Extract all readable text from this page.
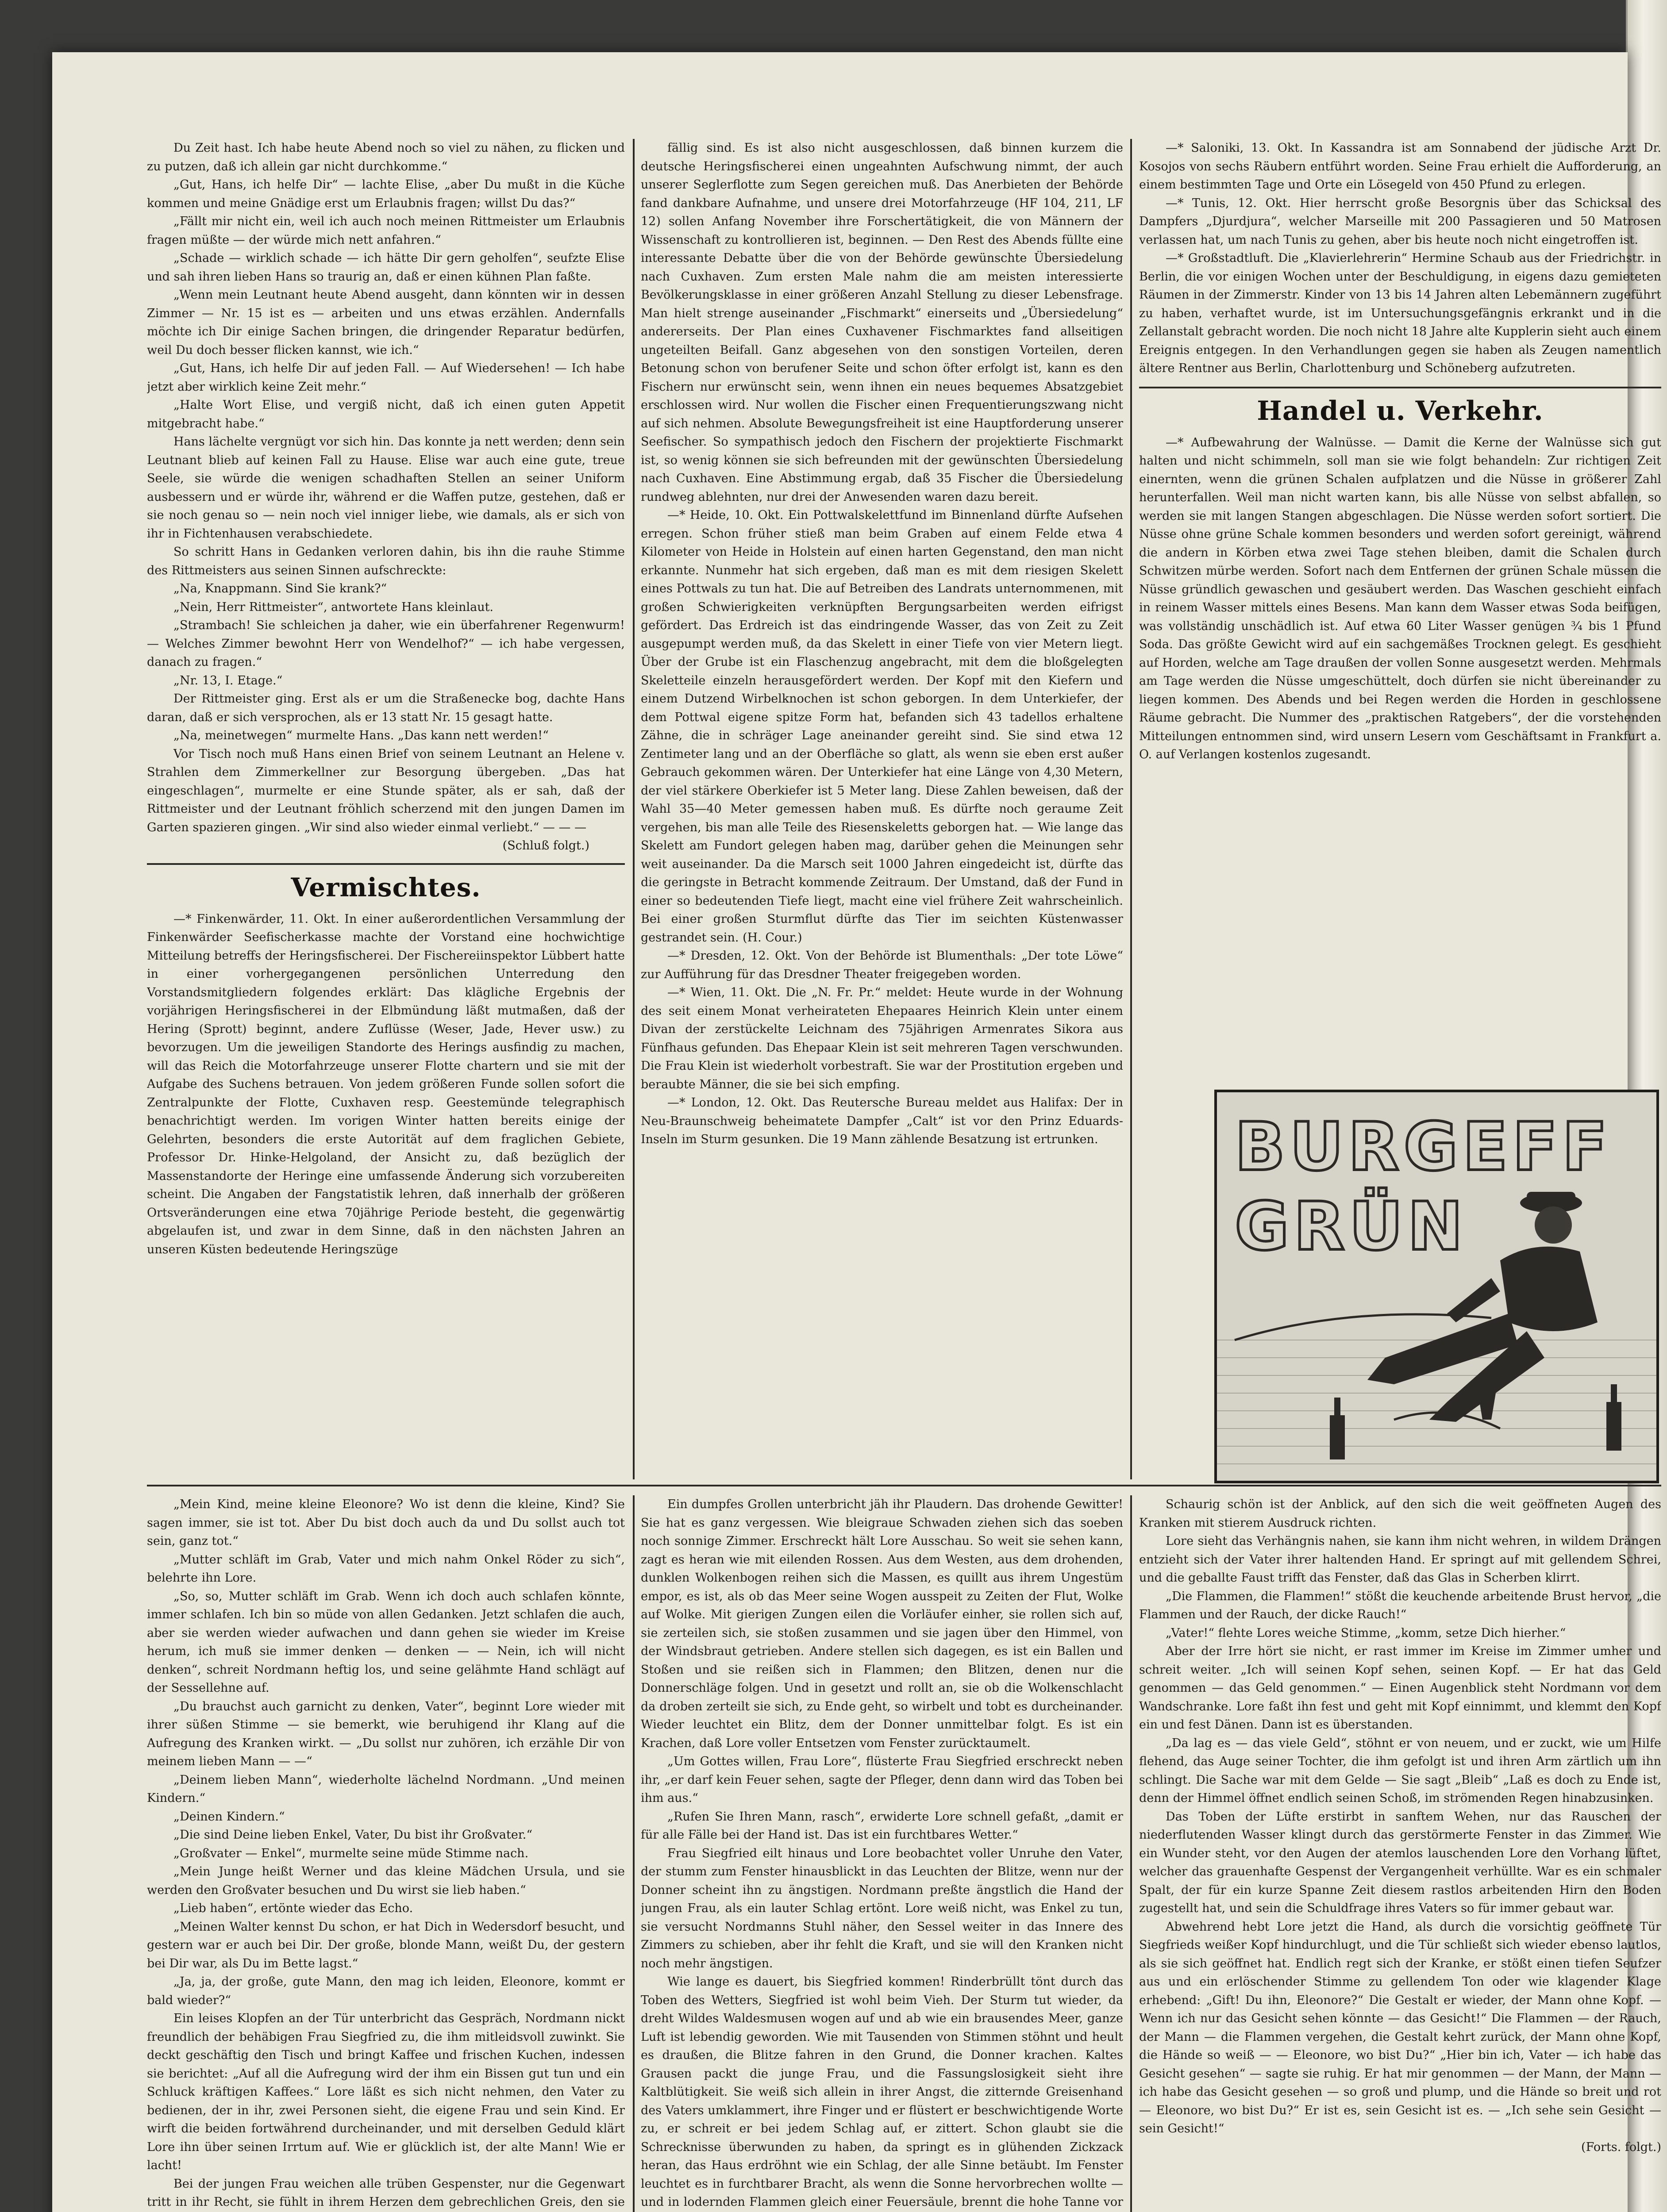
Du Zeit hast. Ich habe heute Abend noch so viel zu nähen, zu flicken und zu putzen, daß ich allein gar nicht durchkomme.“

„Gut, Hans, ich helfe Dir“ — lachte Elise, „aber Du mußt in die Küche kommen und meine Gnädige erst um Erlaubnis fragen; willst Du das?“

„Fällt mir nicht ein, weil ich auch noch meinen Rittmeister um Erlaubnis fragen müßte — der würde mich nett anfahren.“

„Schade — wirklich schade — ich hätte Dir gern geholfen“, seufzte Elise und sah ihren lieben Hans so traurig an, daß er einen kühnen Plan faßte.

„Wenn mein Leutnant heute Abend ausgeht, dann könnten wir in dessen Zimmer — Nr. 15 ist es — arbeiten und uns etwas erzählen. Andernfalls möchte ich Dir einige Sachen bringen, die dringender Reparatur bedürfen, weil Du doch besser flicken kannst, wie ich.“

„Gut, Hans, ich helfe Dir auf jeden Fall. — Auf Wiedersehen! — Ich habe jetzt aber wirklich keine Zeit mehr.“

„Halte Wort Elise, und vergiß nicht, daß ich einen guten Appetit mitgebracht habe.“

Hans lächelte vergnügt vor sich hin. Das konnte ja nett werden; denn sein Leutnant blieb auf keinen Fall zu Hause. Elise war auch eine gute, treue Seele, sie würde die wenigen schadhaften Stellen an seiner Uniform ausbessern und er würde ihr, während er die Waffen putze, gestehen, daß er sie noch genau so — nein noch viel inniger liebe, wie damals, als er sich von ihr in Fichtenhausen verabschiedete.

So schritt Hans in Gedanken verloren dahin, bis ihn die rauhe Stimme des Rittmeisters aus seinen Sinnen aufschreckte:

„Na, Knappmann. Sind Sie krank?“

„Nein, Herr Rittmeister“, antwortete Hans kleinlaut.

„Strambach! Sie schleichen ja daher, wie ein überfahrener Regenwurm! — Welches Zimmer bewohnt Herr von Wendelhof?“ — ich habe vergessen, danach zu fragen.“

„Nr. 13, I. Etage.“

Der Rittmeister ging. Erst als er um die Straßenecke bog, dachte Hans daran, daß er sich versprochen, als er 13 statt Nr. 15 gesagt hatte.

„Na, meinetwegen“ murmelte Hans. „Das kann nett werden!“

Vor Tisch noch muß Hans einen Brief von seinem Leutnant an Helene v. Strahlen dem Zimmerkellner zur Besorgung übergeben. „Das hat eingeschlagen“, murmelte er eine Stunde später, als er sah, daß der Rittmeister und der Leutnant fröhlich scherzend mit den jungen Damen im Garten spazieren gingen. „Wir sind also wieder einmal verliebt.“ — — —

(Schluß folgt.)

Vermischtes.

—* Finkenwärder, 11. Okt. In einer außerordentlichen Versammlung der Finkenwärder Seefischerkasse machte der Vorstand eine hochwichtige Mitteilung betreffs der Heringsfischerei. Der Fischereiinspektor Lübbert hatte in einer vorhergegangenen persönlichen Unterredung den Vorstandsmitgliedern folgendes erklärt: Das klägliche Ergebnis der vorjährigen Heringsfischerei in der Elbmündung läßt mutmaßen, daß der Hering (Sprott) beginnt, andere Zuflüsse (Weser, Jade, Hever usw.) zu bevorzugen. Um die jeweiligen Standorte des Herings ausfindig zu machen, will das Reich die Motorfahrzeuge unserer Flotte chartern und sie mit der Aufgabe des Suchens betrauen. Von jedem größeren Funde sollen sofort die Zentralpunkte der Flotte, Cuxhaven resp. Geestemünde telegraphisch benachrichtigt werden. Im vorigen Winter hatten bereits einige der Gelehrten, besonders die erste Autorität auf dem fraglichen Gebiete, Professor Dr. Hinke-Helgoland, der Ansicht zu, daß bezüglich der Massenstandorte der Heringe eine umfassende Änderung sich vorzubereiten scheint. Die Angaben der Fangstatistik lehren, daß innerhalb der größeren Ortsveränderungen eine etwa 70jährige Periode besteht, die gegenwärtig abgelaufen ist, und zwar in dem Sinne, daß in den nächsten Jahren an unseren Küsten bedeutende Heringszüge

fällig sind. Es ist also nicht ausgeschlossen, daß binnen kurzem die deutsche Heringsfischerei einen ungeahnten Aufschwung nimmt, der auch unserer Seglerflotte zum Segen gereichen muß. Das Anerbieten der Behörde fand dankbare Aufnahme, und unsere drei Motorfahrzeuge (HF 104, 211, LF 12) sollen Anfang November ihre Forschertätigkeit, die von Männern der Wissenschaft zu kontrollieren ist, beginnen. — Den Rest des Abends füllte eine interessante Debatte über die von der Behörde gewünschte Übersiedelung nach Cuxhaven. Zum ersten Male nahm die am meisten interessierte Bevölkerungsklasse in einer größeren Anzahl Stellung zu dieser Lebensfrage. Man hielt strenge auseinander „Fischmarkt“ einerseits und „Übersiedelung“ andererseits. Der Plan eines Cuxhavener Fischmarktes fand allseitigen ungeteilten Beifall. Ganz abgesehen von den sonstigen Vorteilen, deren Betonung schon von berufener Seite und schon öfter erfolgt ist, kann es den Fischern nur erwünscht sein, wenn ihnen ein neues bequemes Absatzgebiet erschlossen wird. Nur wollen die Fischer einen Frequentierungszwang nicht auf sich nehmen. Absolute Bewegungsfreiheit ist eine Hauptforderung unserer Seefischer. So sympathisch jedoch den Fischern der projektierte Fischmarkt ist, so wenig können sie sich befreunden mit der gewünschten Übersiedelung nach Cuxhaven. Eine Abstimmung ergab, daß 35 Fischer die Übersiedelung rundweg ablehnten, nur drei der Anwesenden waren dazu bereit.

—* Heide, 10. Okt. Ein Pottwalskelettfund im Binnenland dürfte Aufsehen erregen. Schon früher stieß man beim Graben auf einem Felde etwa 4 Kilometer von Heide in Holstein auf einen harten Gegenstand, den man nicht erkannte. Nunmehr hat sich ergeben, daß man es mit dem riesigen Skelett eines Pottwals zu tun hat. Die auf Betreiben des Landrats unternommenen, mit großen Schwierigkeiten verknüpften Bergungsarbeiten werden eifrigst gefördert. Das Erdreich ist das eindringende Wasser, das von Zeit zu Zeit ausgepumpt werden muß, da das Skelett in einer Tiefe von vier Metern liegt. Über der Grube ist ein Flaschenzug angebracht, mit dem die bloßgelegten Skeletteile einzeln herausgefördert werden. Der Kopf mit den Kiefern und einem Dutzend Wirbelknochen ist schon geborgen. In dem Unterkiefer, der dem Pottwal eigene spitze Form hat, befanden sich 43 tadellos erhaltene Zähne, die in schräger Lage aneinander gereiht sind. Sie sind etwa 12 Zentimeter lang und an der Oberfläche so glatt, als wenn sie eben erst außer Gebrauch gekommen wären. Der Unterkiefer hat eine Länge von 4,30 Metern, der viel stärkere Oberkiefer ist 5 Meter lang. Diese Zahlen beweisen, daß der Wahl 35—40 Meter gemessen haben muß. Es dürfte noch geraume Zeit vergehen, bis man alle Teile des Riesenskeletts geborgen hat. — Wie lange das Skelett am Fundort gelegen haben mag, darüber gehen die Meinungen sehr weit auseinander. Da die Marsch seit 1000 Jahren eingedeicht ist, dürfte das die geringste in Betracht kommende Zeitraum. Der Umstand, daß der Fund in einer so bedeutenden Tiefe liegt, macht eine viel frühere Zeit wahrscheinlich. Bei einer großen Sturmflut dürfte das Tier im seichten Küstenwasser gestrandet sein. (H. Cour.)

—* Dresden, 12. Okt. Von der Behörde ist Blumenthals: „Der tote Löwe“ zur Aufführung für das Dresdner Theater freigegeben worden.

—* Wien, 11. Okt. Die „N. Fr. Pr.“ meldet: Heute wurde in der Wohnung des seit einem Monat verheirateten Ehepaares Heinrich Klein unter einem Divan der zerstückelte Leichnam des 75jährigen Armenrates Sikora aus Fünfhaus gefunden. Das Ehepaar Klein ist seit mehreren Tagen verschwunden. Die Frau Klein ist wiederholt vorbestraft. Sie war der Prostitution ergeben und beraubte Männer, die sie bei sich empfing.

—* London, 12. Okt. Das Reutersche Bureau meldet aus Halifax: Der in Neu-Braunschweig beheimatete Dampfer „Calt“ ist vor den Prinz Eduards-Inseln im Sturm gesunken. Die 19 Mann zählende Besatzung ist ertrunken.

—* Saloniki, 13. Okt. In Kassandra ist am Sonnabend der jüdische Arzt Dr. Kosojos von sechs Räubern entführt worden. Seine Frau erhielt die Aufforderung, an einem bestimmten Tage und Orte ein Lösegeld von 450 Pfund zu erlegen.

—* Tunis, 12. Okt. Hier herrscht große Besorgnis über das Schicksal des Dampfers „Djurdjura“, welcher Marseille mit 200 Passagieren und 50 Matrosen verlassen hat, um nach Tunis zu gehen, aber bis heute noch nicht eingetroffen ist.

—* Großstadtluft. Die „Klavierlehrerin“ Hermine Schaub aus der Friedrichstr. in Berlin, die vor einigen Wochen unter der Beschuldigung, in eigens dazu gemieteten Räumen in der Zimmerstr. Kinder von 13 bis 14 Jahren alten Lebemännern zugeführt zu haben, verhaftet wurde, ist im Untersuchungsgefängnis erkrankt und in die Zellanstalt gebracht worden. Die noch nicht 18 Jahre alte Kupplerin sieht auch einem Ereignis entgegen. In den Verhandlungen gegen sie haben als Zeugen namentlich ältere Rentner aus Berlin, Charlottenburg und Schöneberg aufzutreten.

Handel u. Verkehr.

—* Aufbewahrung der Walnüsse. — Damit die Kerne der Walnüsse sich gut halten und nicht schimmeln, soll man sie wie folgt behandeln: Zur richtigen Zeit einernten, wenn die grünen Schalen aufplatzen und die Nüsse in größerer Zahl herunterfallen. Weil man nicht warten kann, bis alle Nüsse von selbst abfallen, so werden sie mit langen Stangen abgeschlagen. Die Nüsse werden sofort sortiert. Die Nüsse ohne grüne Schale kommen besonders und werden sofort gereinigt, während die andern in Körben etwa zwei Tage stehen bleiben, damit die Schalen durch Schwitzen mürbe werden. Sofort nach dem Entfernen der grünen Schale müssen die Nüsse gründlich gewaschen und gesäubert werden. Das Waschen geschieht einfach in reinem Wasser mittels eines Besens. Man kann dem Wasser etwas Soda beifügen, was vollständig unschädlich ist. Auf etwa 60 Liter Wasser genügen ¾ bis 1 Pfund Soda. Das größte Gewicht wird auf ein sachgemäßes Trocknen gelegt. Es geschieht auf Horden, welche am Tage draußen der vollen Sonne ausgesetzt werden. Mehrmals am Tage werden die Nüsse umgeschüttelt, doch dürfen sie nicht übereinander zu liegen kommen. Des Abends und bei Regen werden die Horden in geschlossene Räume gebracht. Die Nummer des „praktischen Ratgebers“, der die vorstehenden Mitteilungen entnommen sind, wird unsern Lesern vom Geschäftsamt in Frankfurt a. O. auf Verlangen kostenlos zugesandt.

BURGEFF
GRÜN

„Mein Kind, meine kleine Eleonore? Wo ist denn die kleine, Kind? Sie sagen immer, sie ist tot. Aber Du bist doch auch da und Du sollst auch tot sein, ganz tot.“

„Mutter schläft im Grab, Vater und mich nahm Onkel Röder zu sich“, belehrte ihn Lore.

„So, so, Mutter schläft im Grab. Wenn ich doch auch schlafen könnte, immer schlafen. Ich bin so müde von allen Gedanken. Jetzt schlafen die auch, aber sie werden wieder aufwachen und dann gehen sie wieder im Kreise herum, ich muß sie immer denken — denken — — Nein, ich will nicht denken“, schreit Nordmann heftig los, und seine gelähmte Hand schlägt auf der Sessellehne auf.

„Du brauchst auch garnicht zu denken, Vater“, beginnt Lore wieder mit ihrer süßen Stimme — sie bemerkt, wie beruhigend ihr Klang auf die Aufregung des Kranken wirkt. — „Du sollst nur zuhören, ich erzähle Dir von meinem lieben Mann — —“

„Deinem lieben Mann“, wiederholte lächelnd Nordmann. „Und meinen Kindern.“

„Deinen Kindern.“

„Die sind Deine lieben Enkel, Vater, Du bist ihr Großvater.“

„Großvater — Enkel“, murmelte seine müde Stimme nach.

„Mein Junge heißt Werner und das kleine Mädchen Ursula, und sie werden den Großvater besuchen und Du wirst sie lieb haben.“

„Lieb haben“, ertönte wieder das Echo.

„Meinen Walter kennst Du schon, er hat Dich in Wedersdorf besucht, und gestern war er auch bei Dir. Der große, blonde Mann, weißt Du, der gestern bei Dir war, als Du im Bette lagst.“

„Ja, ja, der große, gute Mann, den mag ich leiden, Eleonore, kommt er bald wieder?“

Ein leises Klopfen an der Tür unterbricht das Gespräch, Nordmann nickt freundlich der behäbigen Frau Siegfried zu, die ihm mitleidsvoll zuwinkt. Sie deckt geschäftig den Tisch und bringt Kaffee und frischen Kuchen, indessen sie berichtet: „Auf all die Aufregung wird der ihm ein Bissen gut tun und ein Schluck kräftigen Kaffees.“ Lore läßt es sich nicht nehmen, den Vater zu bedienen, der in ihr, zwei Personen sieht, die eigene Frau und sein Kind. Er wirft die beiden fortwährend durcheinander, und mit derselben Geduld klärt Lore ihn über seinen Irrtum auf. Wie er glücklich ist, der alte Mann! Wie er lacht!

Bei der jungen Frau weichen alle trüben Gespenster, nur die Gegenwart tritt in ihr Recht, sie fühlt in ihrem Herzen dem gebrechlichen Greis, den sie

Ein dumpfes Grollen unterbricht jäh ihr Plaudern. Das drohende Gewitter! Sie hat es ganz vergessen. Wie bleigraue Schwaden ziehen sich das soeben noch sonnige Zimmer. Erschreckt hält Lore Ausschau. So weit sie sehen kann, zagt es heran wie mit eilenden Rossen. Aus dem Westen, aus dem drohenden, dunklen Wolkenbogen reihen sich die Massen, es quillt aus ihrem Ungestüm empor, es ist, als ob das Meer seine Wogen ausspeit zu Zeiten der Flut, Wolke auf Wolke. Mit gierigen Zungen eilen die Vorläufer einher, sie rollen sich auf, sie zerteilen sich, sie stoßen zusammen und sie jagen über den Himmel, von der Windsbraut getrieben. Andere stellen sich dagegen, es ist ein Ballen und Stoßen und sie reißen sich in Flammen; den Blitzen, denen nur die Donnerschläge folgen. Und in gesetzt und rollt an, sie ob die Wolkenschlacht da droben zerteilt sie sich, zu Ende geht, so wirbelt und tobt es durcheinander. Wieder leuchtet ein Blitz, dem der Donner unmittelbar folgt. Es ist ein Krachen, daß Lore voller Entsetzen vom Fenster zurücktaumelt.

„Um Gottes willen, Frau Lore“, flüsterte Frau Siegfried erschreckt neben ihr, „er darf kein Feuer sehen, sagte der Pfleger, denn dann wird das Toben bei ihm aus.“

„Rufen Sie Ihren Mann, rasch“, erwiderte Lore schnell gefaßt, „damit er für alle Fälle bei der Hand ist. Das ist ein furchtbares Wetter.“

Frau Siegfried eilt hinaus und Lore beobachtet voller Unruhe den Vater, der stumm zum Fenster hinausblickt in das Leuchten der Blitze, wenn nur der Donner scheint ihn zu ängstigen. Nordmann preßte ängstlich die Hand der jungen Frau, als ein lauter Schlag ertönt. Lore weiß nicht, was Enkel zu tun, sie versucht Nordmanns Stuhl näher, den Sessel weiter in das Innere des Zimmers zu schieben, aber ihr fehlt die Kraft, und sie will den Kranken nicht noch mehr ängstigen.

Wie lange es dauert, bis Siegfried kommen! Rinderbrüllt tönt durch das Toben des Wetters, Siegfried ist wohl beim Vieh. Der Sturm tut wieder, da dreht Wildes Waldesmusen wogen auf und ab wie ein brausendes Meer, ganze Luft ist lebendig geworden. Wie mit Tausenden von Stimmen stöhnt und heult es draußen, die Blitze fahren in den Grund, die Donner krachen. Kaltes Grausen packt die junge Frau, und die Fassungslosigkeit sieht ihre Kaltblütigkeit. Sie weiß sich allein in ihrer Angst, die zitternde Greisenhand des Vaters umklammert, ihre Finger und er flüstert er beschwichtigende Worte zu, er schreit er bei jedem Schlag auf, er zittert. Schon glaubt sie die Schrecknisse überwunden zu haben, da springt es in glühenden Zickzack heran, das Haus erdröhnt wie ein Schlag, der alle Sinne betäubt. Im Fenster leuchtet es in furchtbarer Bracht, als wenn die Sonne hervorbrechen wollte — und in lodernden Flammen gleich einer Feuersäule, brennt die hohe Tanne vor

Schaurig schön ist der Anblick, auf den sich die weit geöffneten Augen des Kranken mit stierem Ausdruck richten.

Lore sieht das Verhängnis nahen, sie kann ihm nicht wehren, in wildem Drängen entzieht sich der Vater ihrer haltenden Hand. Er springt auf mit gellendem Schrei, und die geballte Faust trifft das Fenster, daß das Glas in Scherben klirrt.

„Die Flammen, die Flammen!“ stößt die keuchende arbeitende Brust hervor, „die Flammen und der Rauch, der dicke Rauch!“

„Vater!“ flehte Lores weiche Stimme, „komm, setze Dich hierher.“

Aber der Irre hört sie nicht, er rast immer im Kreise im Zimmer umher und schreit weiter. „Ich will seinen Kopf sehen, seinen Kopf. — Er hat das Geld genommen — das Geld genommen.“ — Einen Augenblick steht Nordmann vor dem Wandschranke. Lore faßt ihn fest und geht mit Kopf einnimmt, und klemmt den Kopf ein und fest Dänen. Dann ist es überstanden.

„Da lag es — das viele Geld“, stöhnt er von neuem, und er zuckt, wie um Hilfe flehend, das Auge seiner Tochter, die ihm gefolgt ist und ihren Arm zärtlich um ihn schlingt. Die Sache war mit dem Gelde — Sie sagt „Bleib“ „Laß es doch zu Ende ist, denn der Himmel öffnet endlich seinen Schoß, im strömenden Regen hinabzusinken.

Das Toben der Lüfte erstirbt in sanftem Wehen, nur das Rauschen der niederflutenden Wasser klingt durch das gerstörmerte Fenster in das Zimmer. Wie ein Wunder steht, vor den Augen der atemlos lauschenden Lore den Vorhang lüftet, welcher das grauenhafte Gespenst der Vergangenheit verhüllte. War es ein schmaler Spalt, der für ein kurze Spanne Zeit diesem rastlos arbeitenden Hirn den Boden zugestellt hat, und sein die Schuldfrage ihres Vaters so für immer gebaut war.

Abwehrend hebt Lore jetzt die Hand, als durch die vorsichtig geöffnete Tür Siegfrieds weißer Kopf hindurchlugt, und die Tür schließt sich wieder ebenso lautlos, als sie sich geöffnet hat. Endlich regt sich der Kranke, er stößt einen tiefen Seufzer aus und ein erlöschender Stimme zu gellendem Ton oder wie klagender Klage erhebend: „Gift! Du ihn, Eleonore?“ Die Gestalt er wieder, der Mann ohne Kopf. — Wenn ich nur das Gesicht sehen könnte — das Gesicht!“ Die Flammen — der Rauch, der Mann — die Flammen vergehen, die Gestalt kehrt zurück, der Mann ohne Kopf, die Hände so weiß — — Eleonore, wo bist Du?“ „Hier bin ich, Vater — ich habe das Gesicht gesehen“ — sagte sie ruhig. Er hat mir genommen — der Mann, der Mann — ich habe das Gesicht gesehen — so groß und plump, und die Hände so breit und rot — Eleonore, wo bist Du?“ Er ist es, sein Gesicht ist es. — „Ich sehe sein Gesicht — sein Gesicht!“

(Forts. folgt.)
